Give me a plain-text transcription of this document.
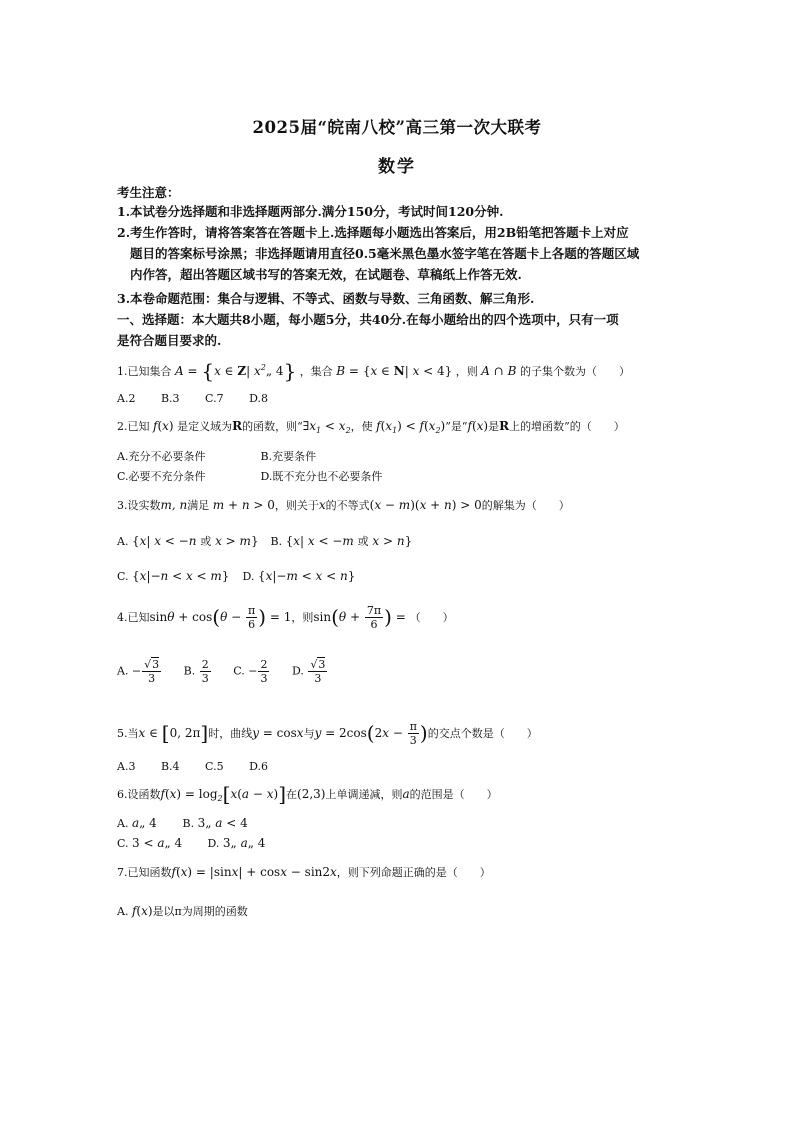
2025届“皖南八校”高三第一次大联考
数学
考生注意：
1.本试卷分选择题和非选择题两部分.满分150分，考试时间120分钟.
2.考生作答时，请将答案答在答题卡上.选择题每小题选出答案后，用2B铅笔把答题卡上对应
题目的答案标号涂黑；非选择题请用直径0.5毫米黑色墨水签字笔在答题卡上各题的答题区域
内作答，超出答题区域书写的答案无效，在试题卷、草稿纸上作答无效.
3.本卷命题范围：集合与逻辑、不等式、函数与导数、三角函数、解三角形.
一、选择题：本大题共8小题，每小题5分，共40分.在每小题给出的四个选项中，只有一项
是符合题目要求的.
1.已知集合 A = {x ∈ Z| $x^2„$ 4} ，集合 B = {x ∈ N| x < 4} ，则 A ∩ B 的子集个数为（　　）
A.2 B.3 C.7 D.8
2.已知 f(x) 是定义域为R的函数，则“$\exists x_1 < x_2$，使 $f(x_1) < f(x_2)$”是“f(x)是R上的增函数”的（　　）
A.充分不必要条件	B.充要条件
C.必要不充分条件	D.既不充分也不必要条件
3.设实数m, n满足 m + n > 0，则关于x的不等式(x − m)(x + n) > 0的解集为（　　）
A. {x| x < −n 或 x > m} B. {x| x < −m 或 x > n}
C. {x|−n < x < m} D. {x|−m < x < n}
4.已知$\sin\theta + \cos(\theta - \frac{\pi}{6}$ ) = 1，则$\sin(\theta + \frac{7\pi}{6}$ ) = （　　）
A. − $\frac{√3}{3} B$. $\frac{2}{3} C$. − $\frac{2}{3} D$. $\frac{√3}{3}$
5.当x ∈ [0, 2π]时，曲线y = cosx与$y = 2\cos(2x - \frac{\pi}{3}$ )的交点个数是（　　）
A.3 B.4 C.5 D.6
6.设函数$f(x) = \log_2[x(a - x)]$在(2,3)上单调递减，则a的范围是（　　）
A. a„ 4 B. 3„ a < 4
C. 3 < a„ 4 D. 3„ a„ 4
7.已知函数f(x) = |sinx| + cosx − sin2x，则下列命题正确的是（　　）
A. f(x)是以π为周期的函数
